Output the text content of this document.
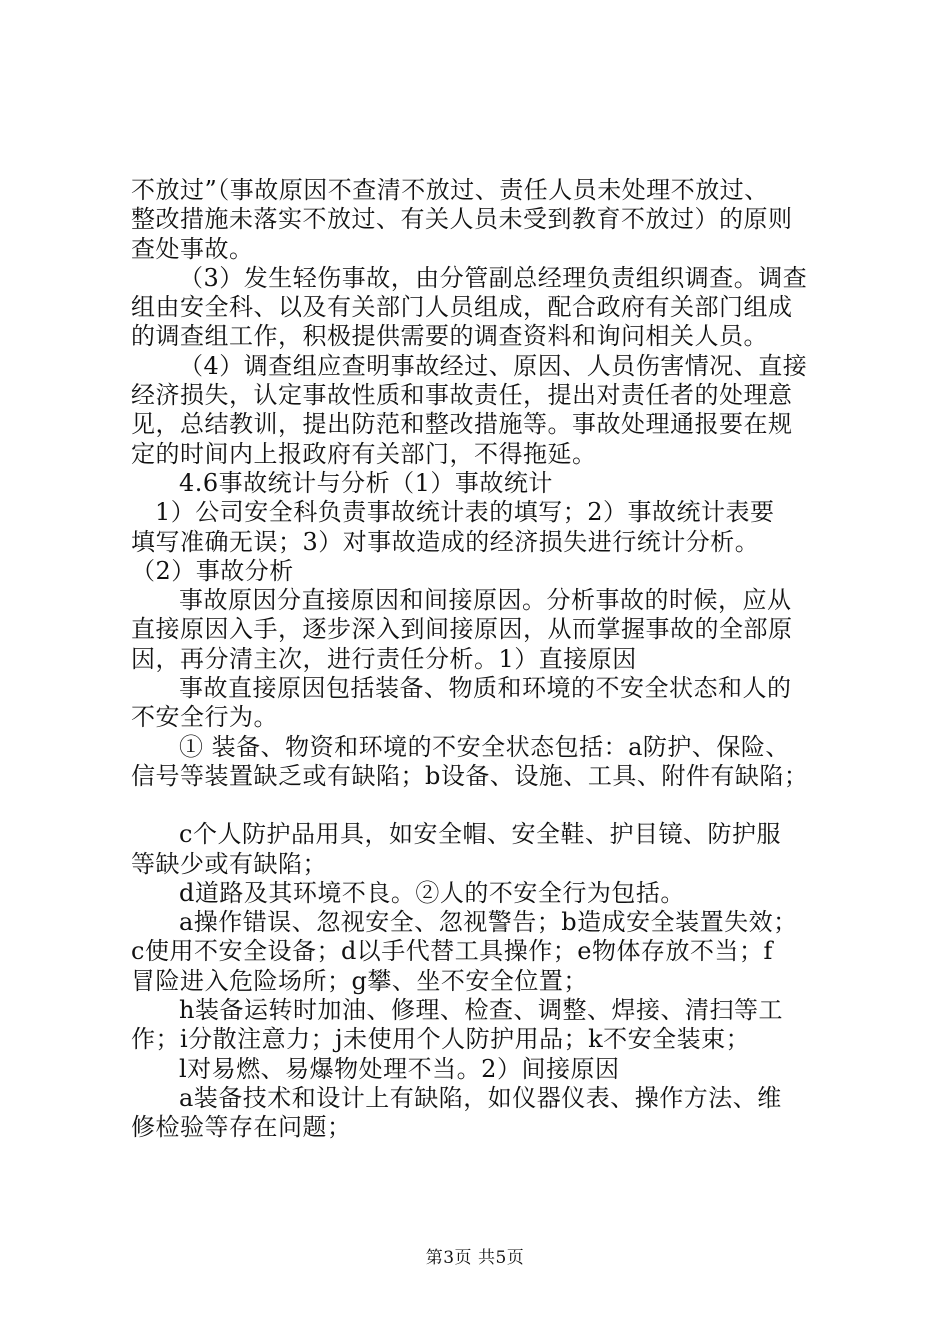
不放过”（事故原因不查清不放过、责任人员未处理不放过、

整改措施未落实不放过、有关人员未受到教育不放过）的原则

查处事故。

（3）发生轻伤事故，由分管副总经理负责组织调查。调查

组由安全科、以及有关部门人员组成，配合政府有关部门组成

的调查组工作，积极提供需要的调查资料和询问相关人员。

（4）调查组应查明事故经过、原因、人员伤害情况、直接

经济损失，认定事故性质和事故责任，提出对责任者的处理意

见，总结教训，提出防范和整改措施等。事故处理通报要在规

定的时间内上报政府有关部门，不得拖延。

4.6事故统计与分析（1）事故统计

1）公司安全科负责事故统计表的填写；2）事故统计表要

填写准确无误；3）对事故造成的经济损失进行统计分析。

（2）事故分析

事故原因分直接原因和间接原因。分析事故的时候，应从

直接原因入手，逐步深入到间接原因，从而掌握事故的全部原

因，再分清主次，进行责任分析。1）直接原因

事故直接原因包括装备、物质和环境的不安全状态和人的

不安全行为。

① 装备、物资和环境的不安全状态包括：a防护、保险、

信号等装置缺乏或有缺陷；b设备、设施、工具、附件有缺陷；

c个人防护品用具，如安全帽、安全鞋、护目镜、防护服

等缺少或有缺陷；

d道路及其环境不良。②人的不安全行为包括。

a操作错误、忽视安全、忽视警告；b造成安全装置失效；

c使用不安全设备；d以手代替工具操作；e物体存放不当；f

冒险进入危险场所；g攀、坐不安全位置；

h装备运转时加油、修理、检查、调整、焊接、清扫等工

作；i分散注意力；j未使用个人防护用品；k不安全装束；

l对易燃、易爆物处理不当。2）间接原因

a装备技术和设计上有缺陷，如仪器仪表、操作方法、维

修检验等存在问题；

第3页 共5页
